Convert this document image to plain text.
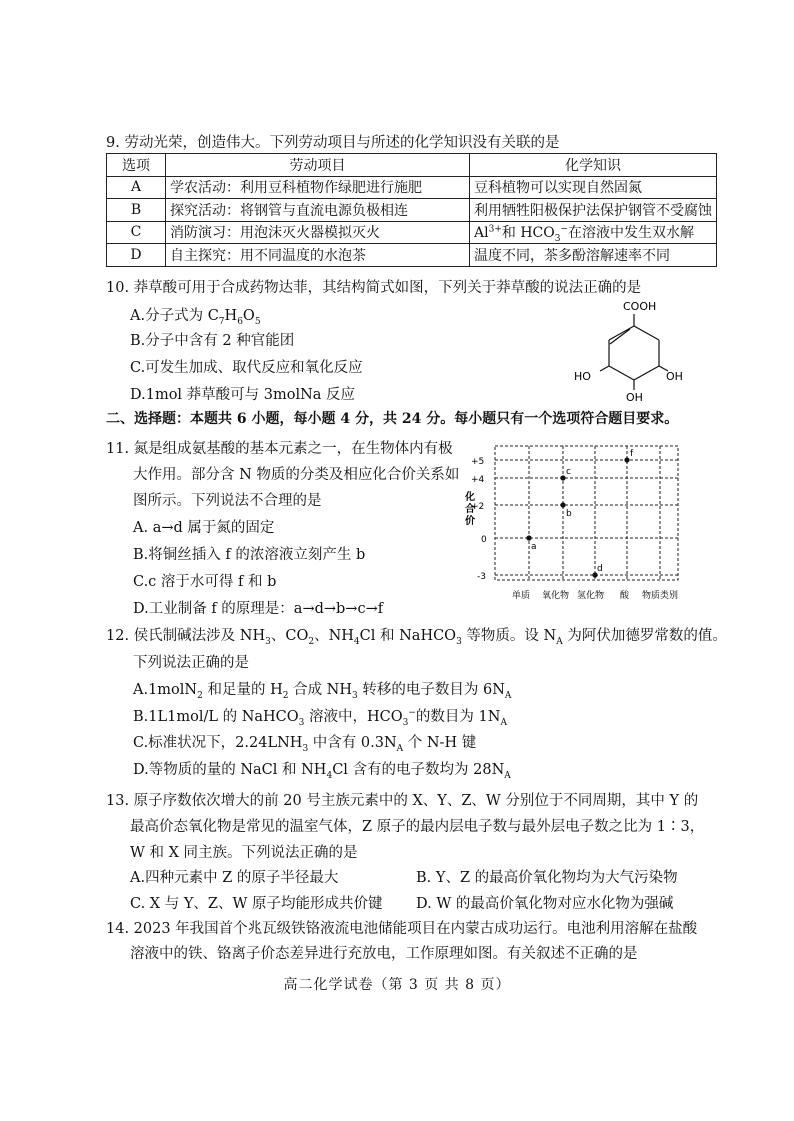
9. 劳动光荣，创造伟大。下列劳动项目与所述的化学知识没有关联的是
选项	劳动项目	化学知识
A	学农活动：利用豆科植物作绿肥进行施肥	豆科植物可以实现自然固氮
B	探究活动：将钢管与直流电源负极相连	利用牺牲阳极保护法保护钢管不受腐蚀
C	消防演习：用泡沫灭火器模拟灭火	$Al^{3+}$和 $HCO_3^-$在溶液中发生双水解
D	自主探究：用不同温度的水泡茶	温度不同，茶多酚溶解速率不同
10. 莽草酸可用于合成药物达菲，其结构简式如图，下列关于莽草酸的说法正确的是
A.分子式为 $C_7H_6O_5$
B.分子中含有 2 种官能团
C.可发生加成、取代反应和氧化反应
D.1mol 莽草酸可与 3molNa 反应
COOH
HO	OH
OH
二、选择题：本题共 6 小题，每小题 4 分，共 24 分。每小题只有一个选项符合题目要求。
11. 氮是组成氨基酸的基本元素之一，在生物体内有极
大作用。部分含 N 物质的分类及相应化合价关系如
图所示。下列说法不合理的是
A. a→d 属于氮的固定
B.将铜丝插入 f 的浓溶液立刻产生 b
C.c 溶于水可得 f 和 b
D.工业制备 f 的原理是：a→d→b→c→f
+5
+4
+2
0
-3
化合价
单质 氧化物 氢化物 酸 物质类别
a
b
c
d
f
12. 侯氏制碱法涉及 $NH_3$、$CO_2$、$NH_4Cl$ 和 NaHCO$_3$ 等物质。设 $N_A$ 为阿伏加德罗常数的值。
下列说法正确的是
A.1molN$_2$ 和足量的 $H_2$ 合成 $NH_3$ 转移的电子数目为 $6N_A$
B.1L1mol/L 的 NaHCO$_3$ 溶液中，$HCO_3^-$的数目为 $1N_A$
C.标准状况下，$2.24LNH_3$ 中含有 $0.3N_A$ 个 N-H 键
D.等物质的量的 NaCl 和 $NH_4Cl$ 含有的电子数均为 $28N_A$
13. 原子序数依次增大的前 20 号主族元素中的 X、Y、Z、W 分别位于不同周期，其中 Y 的
最高价态氧化物是常见的温室气体，Z 原子的最内层电子数与最外层电子数之比为 1∶3，
W 和 X 同主族。下列说法正确的是
A.四种元素中 Z 的原子半径最大	B. Y、Z 的最高价氧化物均为大气污染物
C. X 与 Y、Z、W 原子均能形成共价键 D. W 的最高价氧化物对应水化物为强碱
14. 2023 年我国首个兆瓦级铁铬液流电池储能项目在内蒙古成功运行。电池利用溶解在盐酸
溶液中的铁、铬离子价态差异进行充放电，工作原理如图。有关叙述不正确的是
高二化学试卷（第 3 页 共 8 页）
